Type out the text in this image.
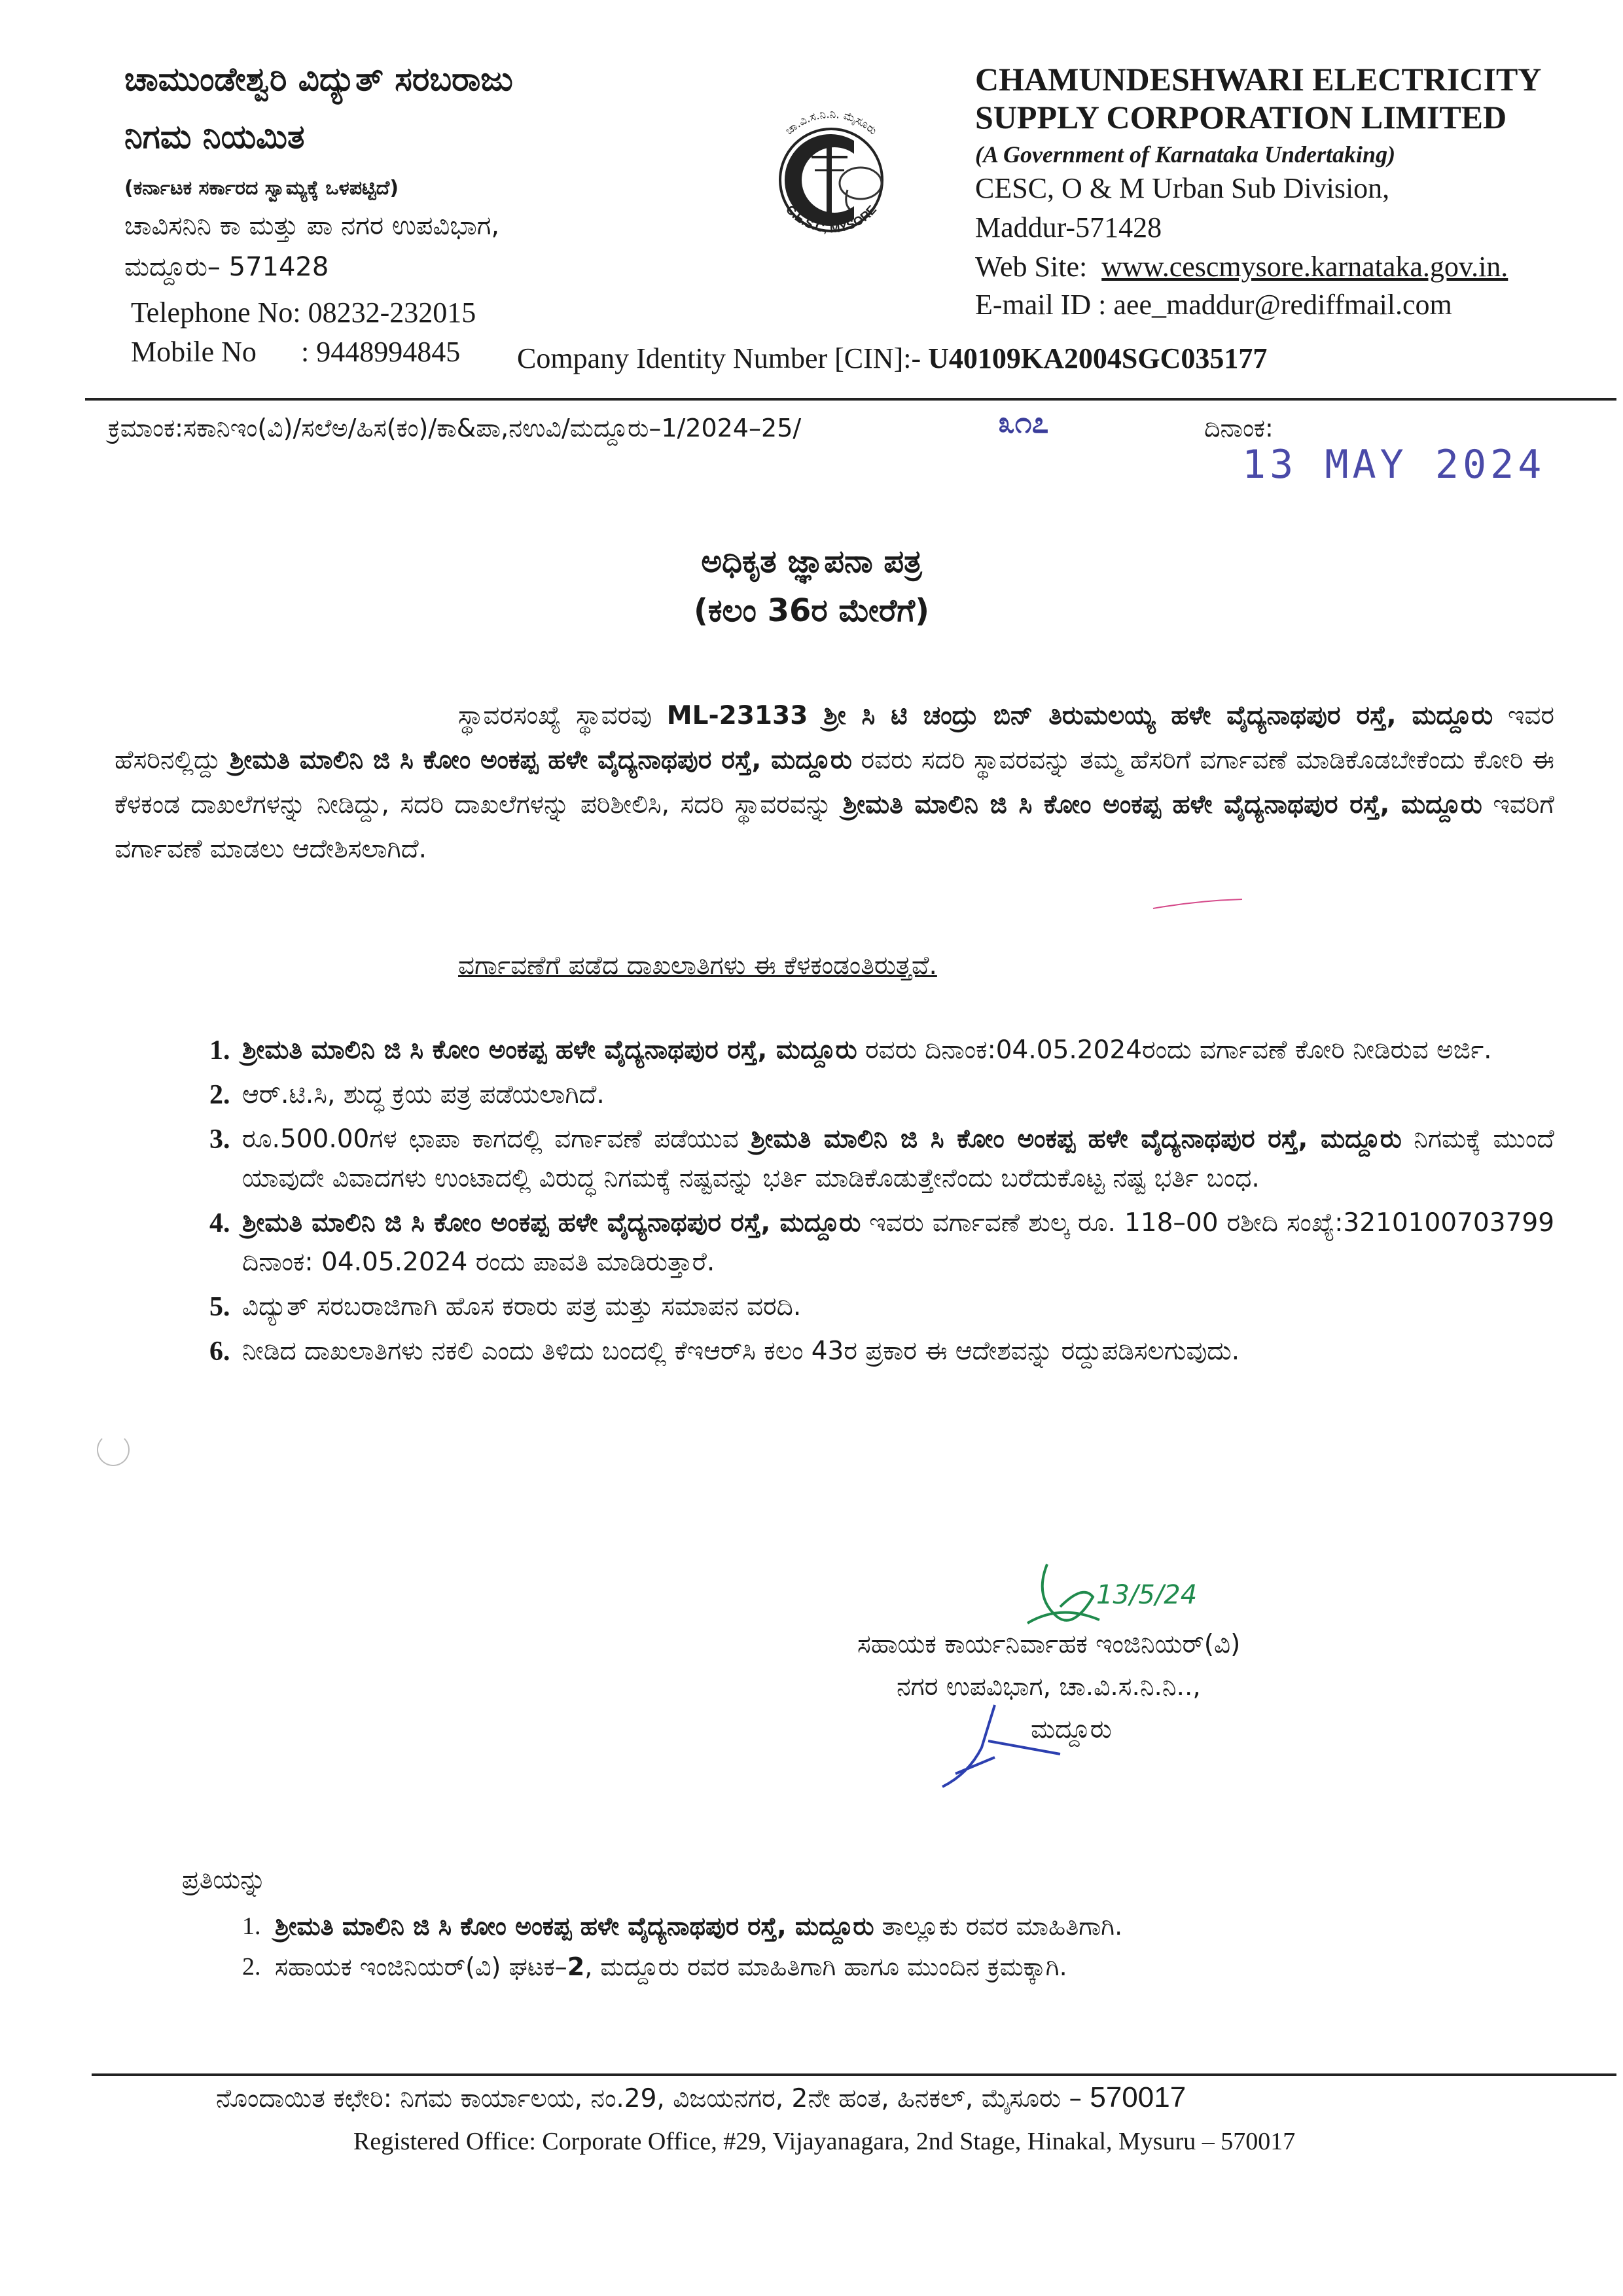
ಚಾಮುಂಡೇಶ್ವರಿ ವಿದ್ಯುತ್ ಸರಬರಾಜು
ನಿಗಮ ನಿಯಮಿತ
(ಕರ್ನಾಟಕ ಸರ್ಕಾರದ ಸ್ವಾಮ್ಯಕ್ಕೆ ಒಳಪಟ್ಟಿದೆ)
ಚಾವಿಸನಿನಿ ಕಾ ಮತ್ತು ಪಾ ನಗರ ಉಪವಿಭಾಗ,
ಮದ್ದೂರು– 571428
Telephone No: 08232-232015
Mobile No : 9448994845
ಚಾ.ವಿ.ಸ.ನಿ.ನಿ. ಮೈಸೂರು
C.E.S.C, MYSORE
CHAMUNDESHWARI ELECTRICITY
SUPPLY CORPORATION LIMITED
(A Government of Karnataka Undertaking)
CESC, O & M Urban Sub Division,
Maddur-571428
Web Site: www.cescmysore.karnataka.gov.in.
E-mail ID : aee_maddur@rediffmail.com
Company Identity Number [CIN]:- U40109KA2004SGC035177
ಕ್ರಮಾಂಕ:ಸಕಾನಿಇಂ(ವಿ)/ಸಲೆಅ/ಹಿಸ(ಕಂ)/ಕಾ&ಪಾ,ನಉವಿ/ಮದ್ದೂರು–1/2024–25/	೩೧೭	ದಿನಾಂಕ:
13 MAY 2024
ಅಧಿಕೃತ ಜ್ಞಾಪನಾ ಪತ್ರ
(ಕಲಂ 36ರ ಮೇರೆಗೆ)
ಸ್ಥಾವರಸಂಖ್ಯೆ ಸ್ಥಾವರವು ML-23133 ಶ್ರೀ ಸಿ ಟಿ ಚಂದ್ರು ಬಿನ್ ತಿರುಮಲಯ್ಯ ಹಳೇ ವೈದ್ಯನಾಥಪುರ ರಸ್ತೆ, ಮದ್ದೂರು ಇವರ ಹೆಸರಿನಲ್ಲಿದ್ದು ಶ್ರೀಮತಿ ಮಾಲಿನಿ ಜಿ ಸಿ ಕೋಂ ಅಂಕಪ್ಪ ಹಳೇ ವೈದ್ಯನಾಥಪುರ ರಸ್ತೆ, ಮದ್ದೂರು ರವರು ಸದರಿ ಸ್ಥಾವರವನ್ನು ತಮ್ಮ ಹೆಸರಿಗೆ ವರ್ಗಾವಣೆ ಮಾಡಿಕೊಡಬೇಕೆಂದು ಕೋರಿ ಈ ಕೆಳಕಂಡ ದಾಖಲೆಗಳನ್ನು ನೀಡಿದ್ದು, ಸದರಿ ದಾಖಲೆಗಳನ್ನು ಪರಿಶೀಲಿಸಿ, ಸದರಿ ಸ್ಥಾವರವನ್ನು ಶ್ರೀಮತಿ ಮಾಲಿನಿ ಜಿ ಸಿ ಕೋಂ ಅಂಕಪ್ಪ ಹಳೇ ವೈದ್ಯನಾಥಪುರ ರಸ್ತೆ, ಮದ್ದೂರು ಇವರಿಗೆ ವರ್ಗಾವಣೆ ಮಾಡಲು ಆದೇಶಿಸಲಾಗಿದೆ.
ವರ್ಗಾವಣೆಗೆ ಪಡೆದ ದಾಖಲಾತಿಗಳು ಈ ಕೆಳಕಂಡಂತಿರುತ್ತವೆ.
1. ಶ್ರೀಮತಿ ಮಾಲಿನಿ ಜಿ ಸಿ ಕೋಂ ಅಂಕಪ್ಪ ಹಳೇ ವೈದ್ಯನಾಥಪುರ ರಸ್ತೆ, ಮದ್ದೂರು ರವರು ದಿನಾಂಕ:04.05.2024ರಂದು ವರ್ಗಾವಣೆ ಕೋರಿ ನೀಡಿರುವ ಅರ್ಜಿ.
2. ಆರ್.ಟಿ.ಸಿ, ಶುದ್ಧ ಕ್ರಯ ಪತ್ರ ಪಡೆಯಲಾಗಿದೆ.
3. ರೂ.500.00ಗಳ ಛಾಪಾ ಕಾಗದಲ್ಲಿ ವರ್ಗಾವಣೆ ಪಡೆಯುವ ಶ್ರೀಮತಿ ಮಾಲಿನಿ ಜಿ ಸಿ ಕೋಂ ಅಂಕಪ್ಪ ಹಳೇ ವೈದ್ಯನಾಥಪುರ ರಸ್ತೆ, ಮದ್ದೂರು ನಿಗಮಕ್ಕೆ ಮುಂದೆ ಯಾವುದೇ ವಿವಾದಗಳು ಉಂಟಾದಲ್ಲಿ ವಿರುದ್ಧ ನಿಗಮಕ್ಕೆ ನಷ್ಟವನ್ನು ಭರ್ತಿ ಮಾಡಿಕೊಡುತ್ತೇನೆಂದು ಬರೆದುಕೊಟ್ಟ ನಷ್ಟ ಭರ್ತಿ ಬಂಧ.
4. ಶ್ರೀಮತಿ ಮಾಲಿನಿ ಜಿ ಸಿ ಕೋಂ ಅಂಕಪ್ಪ ಹಳೇ ವೈದ್ಯನಾಥಪುರ ರಸ್ತೆ, ಮದ್ದೂರು ಇವರು ವರ್ಗಾವಣೆ ಶುಲ್ಕ ರೂ. 118–00 ರಶೀದಿ ಸಂಖ್ಯೆ:3210100703799 ದಿನಾಂಕ: 04.05.2024 ರಂದು ಪಾವತಿ ಮಾಡಿರುತ್ತಾರೆ.
5. ವಿದ್ಯುತ್ ಸರಬರಾಜಿಗಾಗಿ ಹೊಸ ಕರಾರು ಪತ್ರ ಮತ್ತು ಸಮಾಪನ ವರದಿ.
6. ನೀಡಿದ ದಾಖಲಾತಿಗಳು ನಕಲಿ ಎಂದು ತಿಳಿದು ಬಂದಲ್ಲಿ ಕೆಇಆರ್‌ಸಿ ಕಲಂ 43ರ ಪ್ರಕಾರ ಈ ಆದೇಶವನ್ನು ರದ್ದುಪಡಿಸಲಗುವುದು.
13/5/24
ಸಹಾಯಕ ಕಾರ್ಯನಿರ್ವಾಹಕ ಇಂಜಿನಿಯರ್(ವಿ)
ನಗರ ಉಪವಿಭಾಗ, ಚಾ.ವಿ.ಸ.ನಿ.ನಿ..,
ಮದ್ದೂರು
ಪ್ರತಿಯನ್ನು
1. ಶ್ರೀಮತಿ ಮಾಲಿನಿ ಜಿ ಸಿ ಕೋಂ ಅಂಕಪ್ಪ ಹಳೇ ವೈದ್ಯನಾಥಪುರ ರಸ್ತೆ, ಮದ್ದೂರು ತಾಲ್ಲೂಕು ರವರ ಮಾಹಿತಿಗಾಗಿ.
2. ಸಹಾಯಕ ಇಂಜಿನಿಯರ್(ವಿ) ಘಟಕ–2, ಮದ್ದೂರು ರವರ ಮಾಹಿತಿಗಾಗಿ ಹಾಗೂ ಮುಂದಿನ ಕ್ರಮಕ್ಕಾಗಿ.
ನೊಂದಾಯಿತ ಕಛೇರಿ: ನಿಗಮ ಕಾರ್ಯಾಲಯ, ನಂ.29, ವಿಜಯನಗರ, 2ನೇ ಹಂತ, ಹಿನಕಲ್, ಮೈಸೂರು – 570017
Registered Office: Corporate Office, #29, Vijayanagara, 2nd Stage, Hinakal, Mysuru – 570017
